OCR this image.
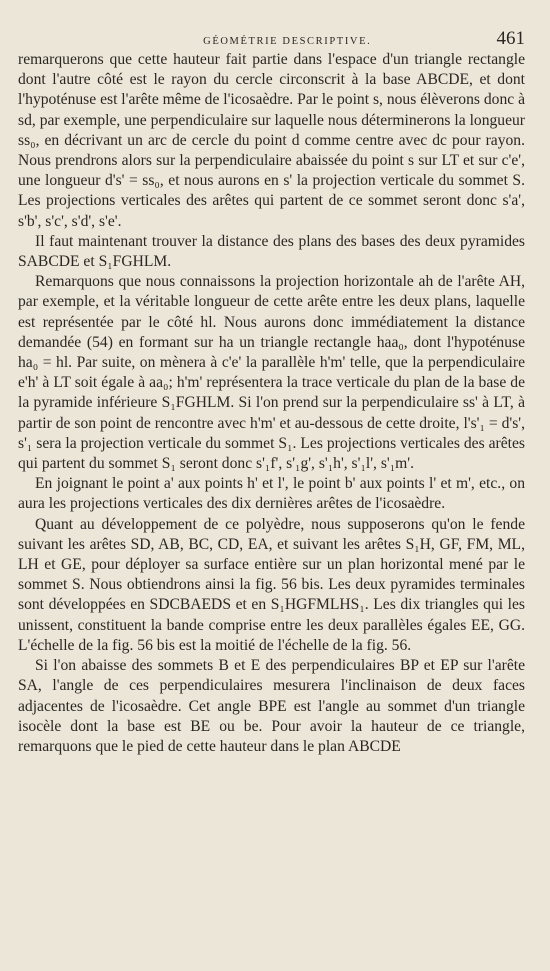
GÉOMÉTRIE DESCRIPTIVE.	461

remarquerons que cette hauteur fait partie dans l'espace d'un triangle rectangle dont l'autre côté est le rayon du cercle circonscrit à la base ABCDE, et dont l'hypoténuse est l'arête même de l'icosaèdre. Par le point s, nous élèverons donc à sd, par exemple, une perpendiculaire sur laquelle nous déterminerons la longueur ss₀, en décrivant un arc de cercle du point d comme centre avec dc pour rayon. Nous prendrons alors sur la perpendiculaire abaissée du point s sur LT et sur c'e', une longueur d's' = ss₀, et nous aurons en s' la projection verticale du sommet S. Les projections verticales des arêtes qui partent de ce sommet seront donc s'a', s'b', s'c', s'd', s'e'.

Il faut maintenant trouver la distance des plans des bases des deux pyramides SABCDE et S₁FGHLM.

Remarquons que nous connaissons la projection horizontale ah de l'arête AH, par exemple, et la véritable longueur de cette arête entre les deux plans, laquelle est représentée par le côté hl. Nous aurons donc immédiatement la distance demandée (54) en formant sur ha un triangle rectangle haa₀, dont l'hypoténuse ha₀ = hl. Par suite, on mènera à c'e' la parallèle h'm' telle, que la perpendiculaire e'h' à LT soit égale à aa₀; h'm' représentera la trace verticale du plan de la base de la pyramide inférieure S₁FGHLM. Si l'on prend sur la perpendiculaire ss' à LT, à partir de son point de rencontre avec h'm' et au-dessous de cette droite, l's'₁ = d's', s'₁ sera la projection verticale du sommet S₁. Les projections verticales des arêtes qui partent du sommet S₁ seront donc s'₁f', s'₁g', s'₁h', s'₁l', s'₁m'.

En joignant le point a' aux points h' et l', le point b' aux points l' et m', etc., on aura les projections verticales des dix dernières arêtes de l'icosaèdre.

Quant au développement de ce polyèdre, nous supposerons qu'on le fende suivant les arêtes SD, AB, BC, CD, EA, et suivant les arêtes S₁H, GF, FM, ML, LH et GE, pour déployer sa surface entière sur un plan horizontal mené par le sommet S. Nous obtiendrons ainsi la fig. 56 bis. Les deux pyramides terminales sont développées en SDCBAEDS et en S₁HGFMLHS₁. Les dix triangles qui les unissent, constituent la bande comprise entre les deux parallèles égales EE, GG. L'échelle de la fig. 56 bis est la moitié de l'échelle de la fig. 56.

Si l'on abaisse des sommets B et E des perpendiculaires BP et EP sur l'arête SA, l'angle de ces perpendiculaires mesurera l'inclinaison de deux faces adjacentes de l'icosaèdre. Cet angle BPE est l'angle au sommet d'un triangle isocèle dont la base est BE ou be. Pour avoir la hauteur de ce triangle, remarquons que le pied de cette hauteur dans le plan ABCDE
